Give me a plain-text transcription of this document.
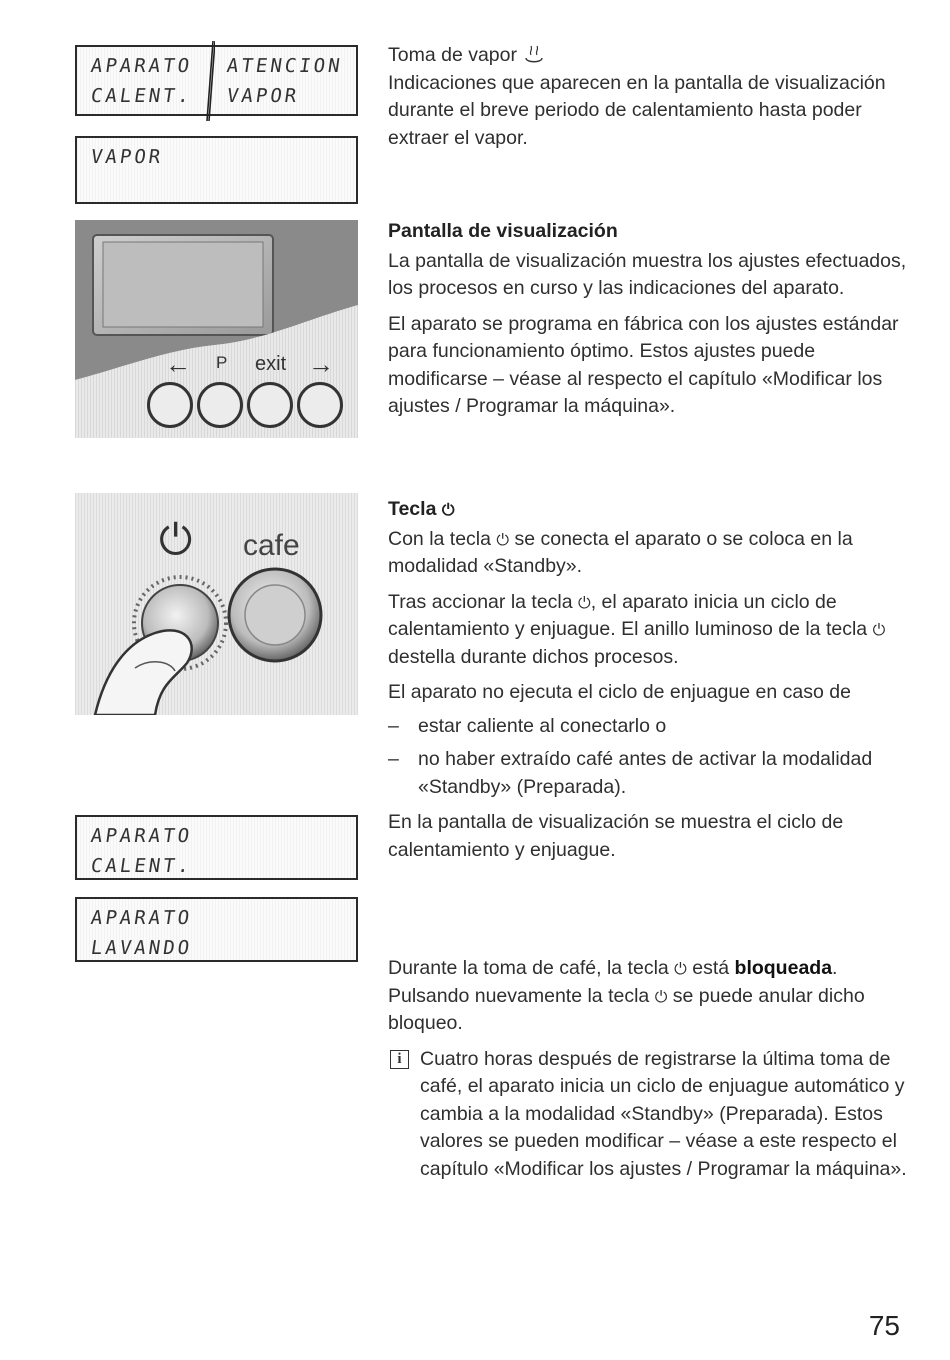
APARATO
CALENT.
ATENCION
VAPOR
VAPOR
← P exit →
⏻ cafe
APARATO
CALENT.
APARATO
LAVANDO

Toma de vapor

Indicaciones que aparecen en la pantalla de visualización durante el breve periodo de calentamiento hasta poder extraer el vapor.

Pantalla de visualización

La pantalla de visualización muestra los ajustes efectuados, los procesos en curso y las indicaciones del aparato.

El aparato se programa en fábrica con los ajustes estándar para funcionamiento óptimo. Estos ajustes puede modificarse – véase al respecto el capítulo «Modificar los ajustes / Programar la máquina».

Tecla ⏻

Con la tecla ⏻ se conecta el aparato o se coloca en la modalidad «Standby».

Tras accionar la tecla ⏻, el aparato inicia un ciclo de calentamiento y enjuague. El anillo luminoso de la tecla ⏻ destella durante dichos procesos.

El aparato no ejecuta el ciclo de enjuague en caso de

– estar caliente al conectarlo o

– no haber extraído café antes de activar la modalidad «Standby» (Preparada).

En la pantalla de visualización se muestra el ciclo de calentamiento y enjuague.

Durante la toma de café, la tecla ⏻ está bloqueada. Pulsando nuevamente la tecla ⏻ se puede anular dicho bloqueo.

i Cuatro horas después de registrarse la última toma de café, el aparato inicia un ciclo de enjuague automático y cambia a la modalidad «Standby» (Preparada). Estos valores se pueden modificar – véase a este respecto el capítulo «Modificar los ajustes / Programar la máquina».

75
